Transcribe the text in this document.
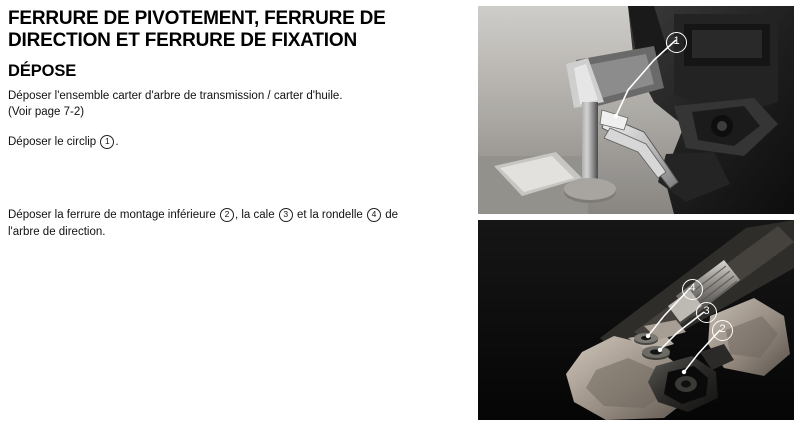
FERRURE DE PIVOTEMENT, FERRURE DE DIRECTION ET FERRURE DE FIXATION
DÉPOSE

Déposer l'ensemble carter d'arbre de transmission / carter d'huile.

(Voir page 7-2)

Déposer le circlip 1 .

Déposer la ferrure de montage inférieure 2 , la cale 3 et la rondelle 4 de
l'arbre de direction.

1
4
3
2
